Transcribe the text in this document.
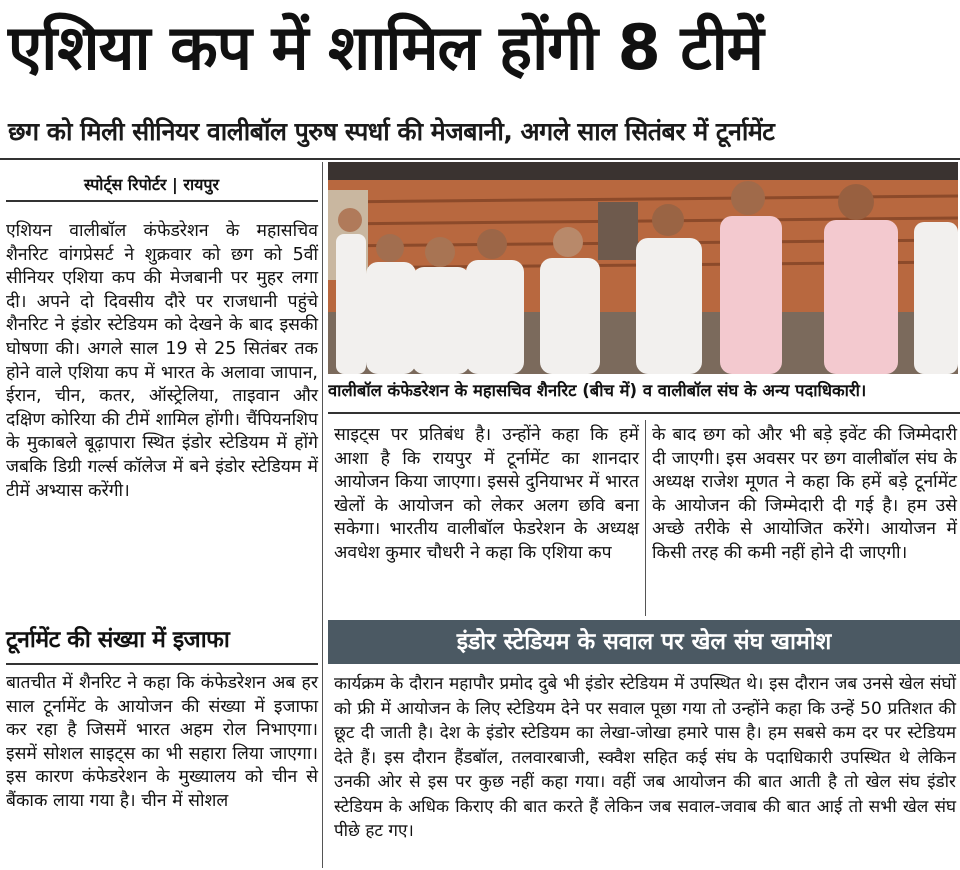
एशिया कप में शामिल होंगी 8 टीमें
छग को मिली सीनियर वालीबॉल पुरुष स्पर्धा की मेजबानी, अगले साल सितंबर में टूर्नामेंट
स्पोर्ट्स रिपोर्टर | रायपुर

एशियन वालीबॉल कंफेडरेशन के महासचिव शैनरिट वांगप्रेसर्ट ने शुक्रवार को छग को 5वीं सीनियर एशिया कप की मेजबानी पर मुहर लगा दी। अपने दो दिवसीय दौरे पर राजधानी पहुंचे शैनरिट ने इंडोर स्टेडियम को देखने के बाद इसकी घोषणा की। अगले साल 19 से 25 सितंबर तक होने वाले एशिया कप में भारत के अलावा जापान, ईरान, चीन, कतर, ऑस्ट्रेलिया, ताइवान और दक्षिण कोरिया की टीमें शामिल होंगी। चैंपियनशिप के मुकाबले बूढ़ापारा स्थित इंडोर स्टेडियम में होंगे जबकि डिग्री गर्ल्स कॉलेज में बने इंडोर स्टेडियम में टीमें अभ्यास करेंगी।

टूर्नामेंट की संख्या में इजाफा

बातचीत में शैनरिट ने कहा कि कंफेडरेशन अब हर साल टूर्नामेंट के आयोजन की संख्या में इजाफा कर रहा है जिसमें भारत अहम रोल निभाएगा। इसमें सोशल साइट्स का भी सहारा लिया जाएगा। इस कारण कंफेडरेशन के मुख्यालय को चीन से बैंकाक लाया गया है। चीन में सोशल

वालीबॉल कंफेडरेशन के महासचिव शैनरिट (बीच में) व वालीबॉल संघ के अन्य पदाधिकारी।

साइट्स पर प्रतिबंध है। उन्होंने कहा कि हमें आशा है कि रायपुर में टूर्नामेंट का शानदार आयोजन किया जाएगा। इससे दुनियाभर में भारत खेलों के आयोजन को लेकर अलग छवि बना सकेगा। भारतीय वालीबॉल फेडरेशन के अध्यक्ष अवधेश कुमार चौधरी ने कहा कि एशिया कप

के बाद छग को और भी बड़े इवेंट की जिम्मेदारी दी जाएगी। इस अवसर पर छग वालीबॉल संघ के अध्यक्ष राजेश मूणत ने कहा कि हमें बड़े टूर्नामेंट के आयोजन की जिम्मेदारी दी गई है। हम उसे अच्छे तरीके से आयोजित करेंगे। आयोजन में किसी तरह की कमी नहीं होने दी जाएगी।

इंडोर स्टेडियम के सवाल पर खेल संघ खामोश

कार्यक्रम के दौरान महापौर प्रमोद दुबे भी इंडोर स्टेडियम में उपस्थित थे। इस दौरान जब उनसे खेल संघों को फ्री में आयोजन के लिए स्टेडियम देने पर सवाल पूछा गया तो उन्होंने कहा कि उन्हें 50 प्रतिशत की छूट दी जाती है। देश के इंडोर स्टेडियम का लेखा-जोखा हमारे पास है। हम सबसे कम दर पर स्टेडियम देते हैं। इस दौरान हैंडबॉल, तलवारबाजी, स्क्वैश सहित कई संघ के पदाधिकारी उपस्थित थे लेकिन उनकी ओर से इस पर कुछ नहीं कहा गया। वहीं जब आयोजन की बात आती है तो खेल संघ इंडोर स्टेडियम के अधिक किराए की बात करते हैं लेकिन जब सवाल-जवाब की बात आई तो सभी खेल संघ पीछे हट गए।
